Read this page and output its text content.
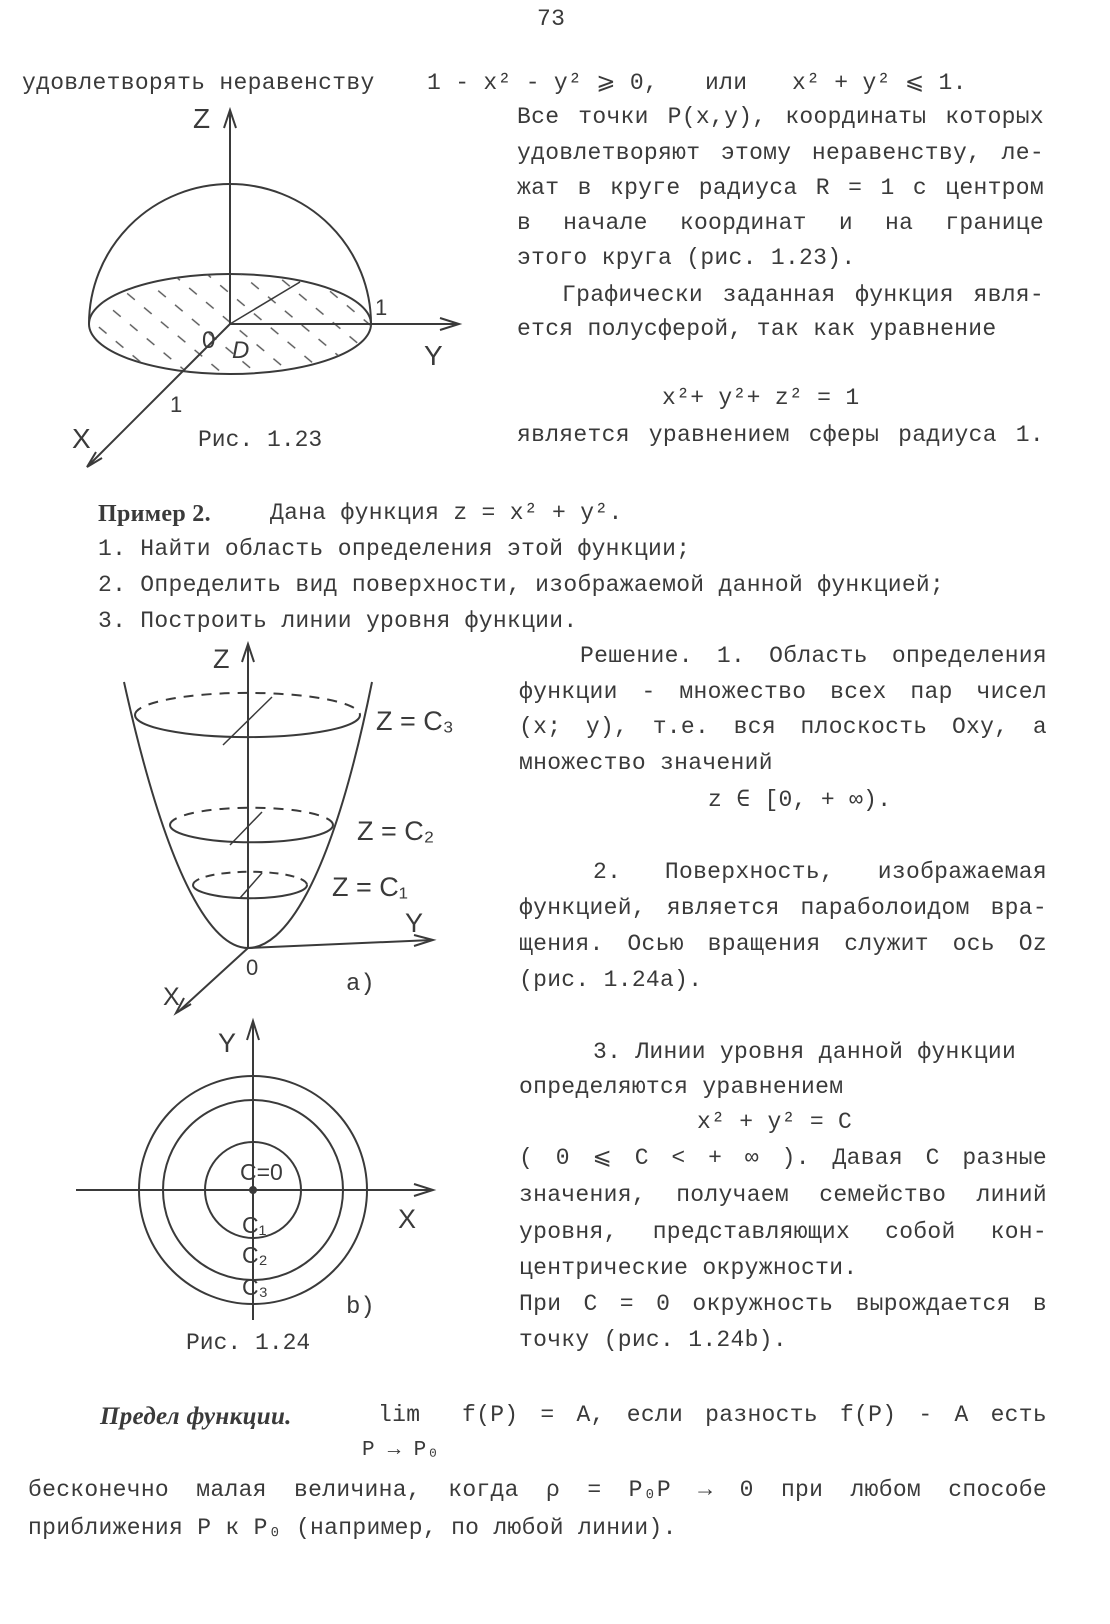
73
удовлетворять неравенству 1 - x² - y² ⩾ 0, или x² + y² ⩽ 1.
Все точки P(x,y), координаты которых
удовлетворяют этому неравенству, ле-
жат в круге радиуса R = 1 с центром
в начале координат и на границе
этого круга (рис. 1.23).
Графически заданная функция явля-
ется полусферой, так как уравнение
x²+ y²+ z² = 1
является уравнением сферы радиуса 1.
Пример 2.	Дана функция z = x² + y².
1. Найти область определения этой функции;
2. Определить вид поверхности, изображаемой данной функцией;
3. Построить линии уровня функции.
Решение. 1. Область определения
функции - множество всех пар чисел
(x; y), т.е. вся плоскость Oxy, а
множество значений
z ∈ [0, + ∞).
2. Поверхность, изображаемая
функцией, является параболоидом вра-
щения. Осью вращения служит ось Oz
(рис. 1.24а).
3. Линии уровня данной функции
определяются уравнением
x² + y² = C
( 0 ⩽ C < + ∞ ). Давая C разные
значения, получаем семейство линий
уровня, представляющих собой кон-
центрические окружности.
При C = 0 окружность вырождается в
точку (рис. 1.24b).
Предел функции.	lim f(P) = A, если разность f(P) - A есть
P → P₀
бесконечно малая величина, когда ρ = P₀P → 0 при любом способе
приближения P к P₀ (например, по любой линии).
Z
Y
X
0 D
1
1
Рис. 1.23
Z
Z = C₃
Z = C₂
Z = C₁
Y
0
X	a)
Y
X
C=0
C₁
C₂
C₃
b)
Рис. 1.24
